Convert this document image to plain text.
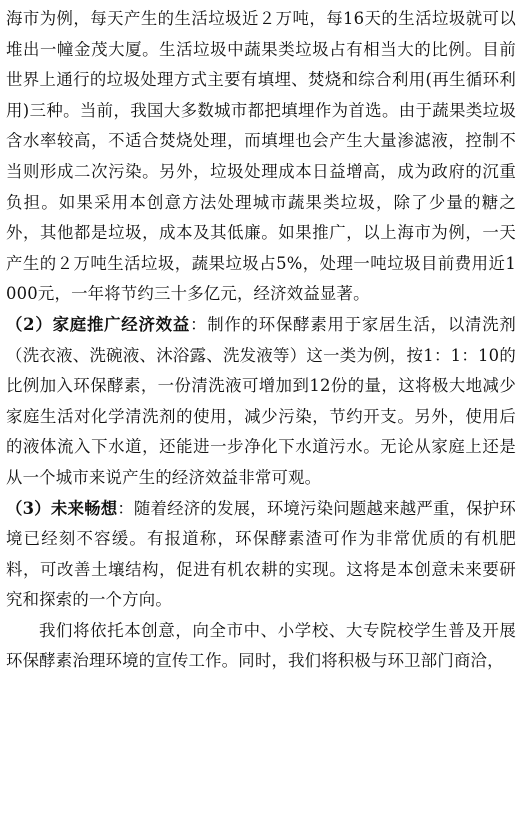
海市为例，每天产生的生活垃圾近２万吨，每16天的生活垃圾就可以堆出一幢金茂大厦。生活垃圾中蔬果类垃圾占有相当大的比例。目前世界上通行的垃圾处理方式主要有填埋、焚烧和综合利用(再生循环利用)三种。当前，我国大多数城市都把填埋作为首选。由于蔬果类垃圾含水率较高，不适合焚烧处理，而填埋也会产生大量渗滤液，控制不当则形成二次污染。另外，垃圾处理成本日益增高，成为政府的沉重负担。如果采用本创意方法处理城市蔬果类垃圾，除了少量的糖之外，其他都是垃圾，成本及其低廉。如果推广，以上海市为例，一天产生的２万吨生活垃圾，蔬果垃圾占5%，处理一吨垃圾目前费用近1000元，一年将节约三十多亿元，经济效益显著。

（2）家庭推广经济效益：制作的环保酵素用于家居生活，以清洗剂（洗衣液、洗碗液、沐浴露、洗发液等）这一类为例，按1：1：10的比例加入环保酵素，一份清洗液可增加到12份的量，这将极大地减少家庭生活对化学清洗剂的使用，减少污染，节约开支。另外，使用后的液体流入下水道，还能进一步净化下水道污水。无论从家庭上还是从一个城市来说产生的经济效益非常可观。

（3）未来畅想：随着经济的发展，环境污染问题越来越严重，保护环境已经刻不容缓。有报道称，环保酵素渣可作为非常优质的有机肥料，可改善土壤结构，促进有机农耕的实现。这将是本创意未来要研究和探索的一个方向。

我们将依托本创意，向全市中、小学校、大专院校学生普及开展环保酵素治理环境的宣传工作。同时，我们将积极与环卫部门商洽，
